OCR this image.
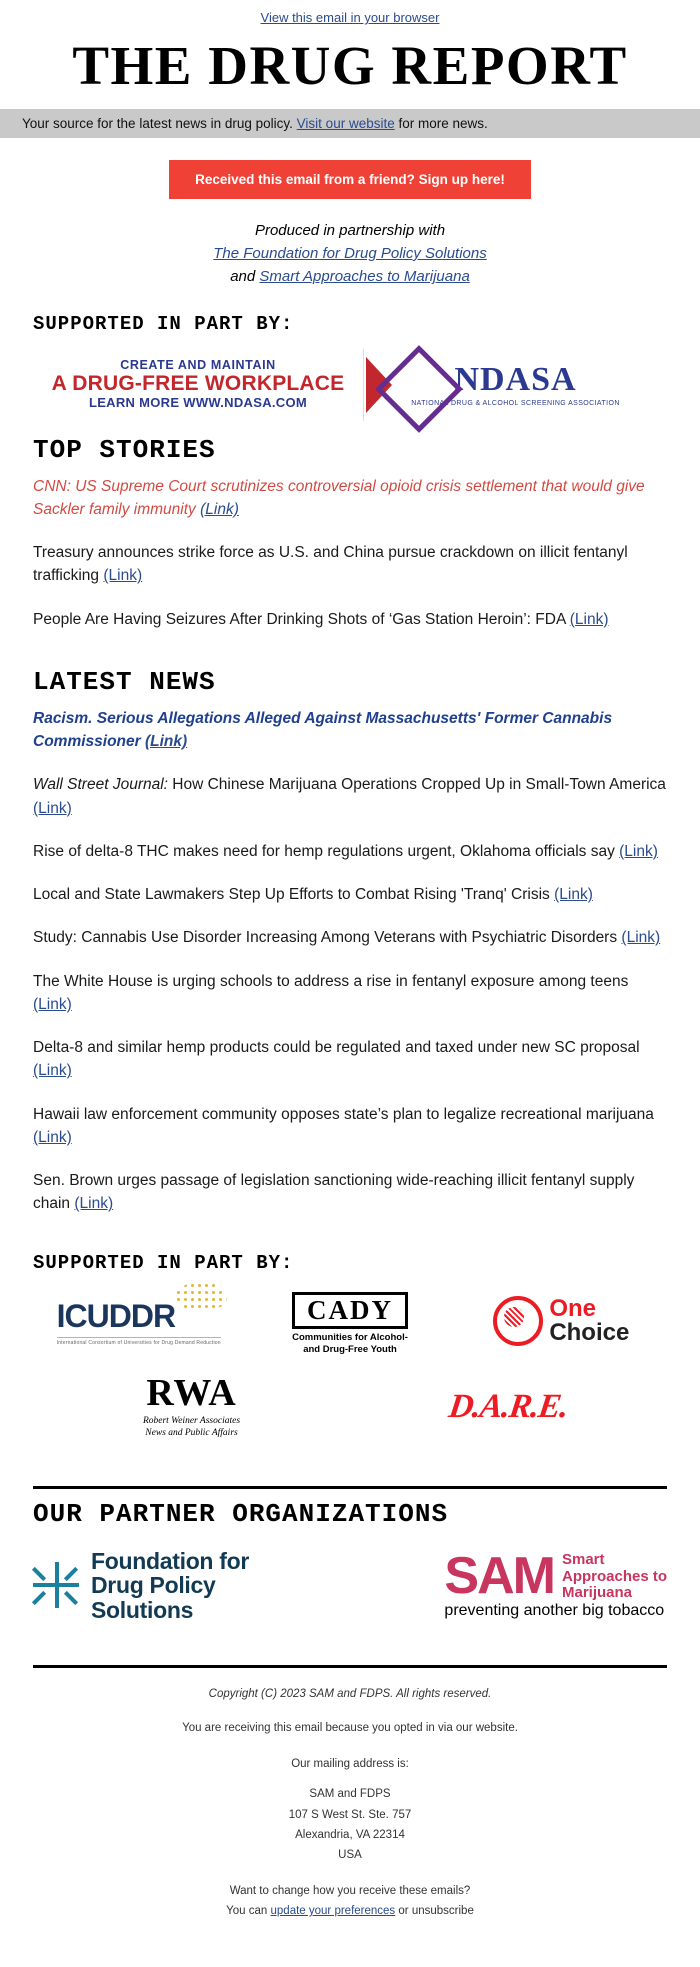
View this email in your browser
THE DRUG REPORT
Your source for the latest news in drug policy. Visit our website for more news.
Received this email from a friend? Sign up here!
Produced in partnership with
The Foundation for Drug Policy Solutions
and Smart Approaches to Marijuana
SUPPORTED IN PART BY:
CREATE AND MAINTAIN
A DRUG-FREE WORKPLACE
LEARN MORE WWW.NDASA.COM
NDASA
NATIONAL DRUG & ALCOHOL SCREENING ASSOCIATION
TOP STORIES

CNN: US Supreme Court scrutinizes controversial opioid crisis settlement that would give Sackler family immunity (Link)

Treasury announces strike force as U.S. and China pursue crackdown on illicit fentanyl trafficking (Link)

People Are Having Seizures After Drinking Shots of ‘Gas Station Heroin’: FDA (Link)

LATEST NEWS

Racism. Serious Allegations Alleged Against Massachusetts' Former Cannabis Commissioner (Link)

Wall Street Journal: How Chinese Marijuana Operations Cropped Up in Small-Town America (Link)

Rise of delta-8 THC makes need for hemp regulations urgent, Oklahoma officials say (Link)

Local and State Lawmakers Step Up Efforts to Combat Rising 'Tranq' Crisis (Link)

Study: Cannabis Use Disorder Increasing Among Veterans with Psychiatric Disorders (Link)

The White House is urging schools to address a rise in fentanyl exposure among teens (Link)

Delta-8 and similar hemp products could be regulated and taxed under new SC proposal (Link)

Hawaii law enforcement community opposes state’s plan to legalize recreational marijuana (Link)

Sen. Brown urges passage of legislation sanctioning wide-reaching illicit fentanyl supply chain (Link)

SUPPORTED IN PART BY:
ICUDDR
International Consortium of Universities for Drug Demand Reduction
CADY
Communities for Alcohol-
and Drug-Free Youth
One
Choice
RWA
Robert Weiner Associates
News and Public Affairs
D.A.R.E.
OUR PARTNER ORGANIZATIONS
Foundation for
Drug Policy
Solutions
SAM Smart
Approaches to
Marijuana
preventing another big tobacco
Copyright (C) 2023 SAM and FDPS. All rights reserved.
You are receiving this email because you opted in via our website.
Our mailing address is:
SAM and FDPS
107 S West St. Ste. 757
Alexandria, VA 22314
USA
Want to change how you receive these emails?
You can update your preferences or unsubscribe
